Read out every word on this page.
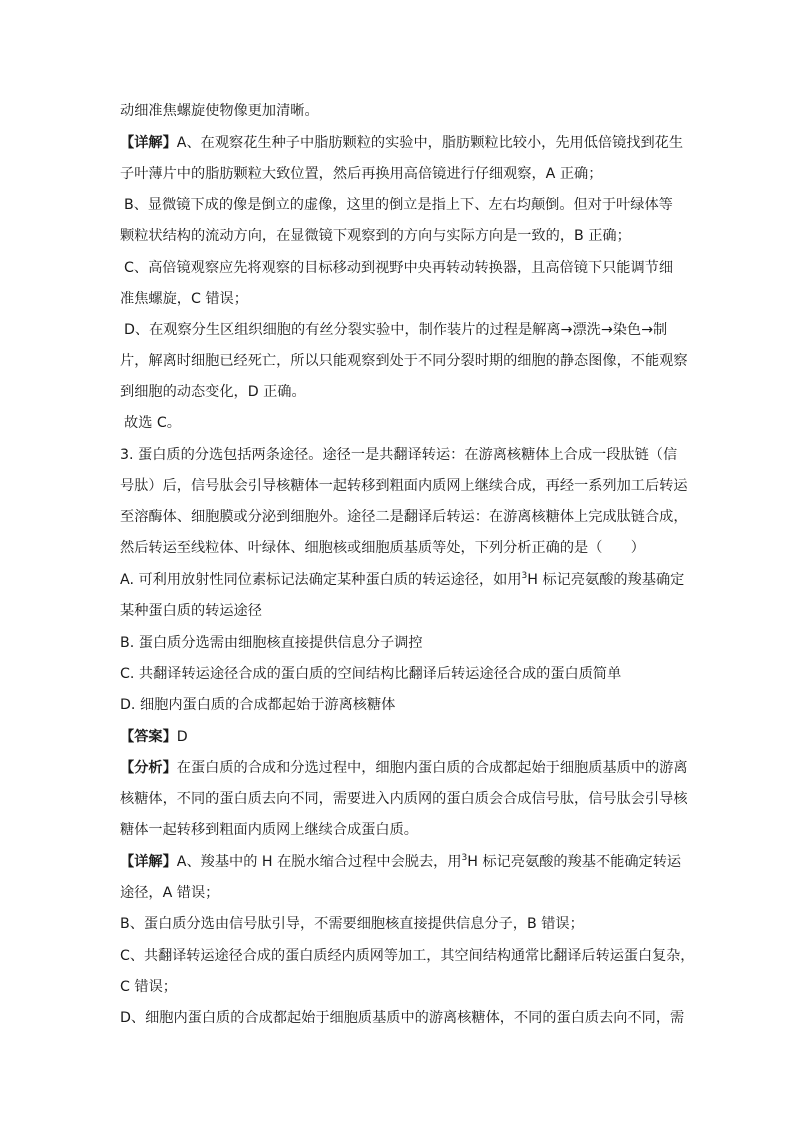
动细准焦螺旋使物像更加清晰。
【详解】A、在观察花生种子中脂肪颗粒的实验中，脂肪颗粒比较小，先用低倍镜找到花生
子叶薄片中的脂肪颗粒大致位置，然后再换用高倍镜进行仔细观察，A 正确；
B、显微镜下成的像是倒立的虚像，这里的倒立是指上下、左右均颠倒。但对于叶绿体等
颗粒状结构的流动方向，在显微镜下观察到的方向与实际方向是一致的，B 正确；
C、高倍镜观察应先将观察的目标移动到视野中央再转动转换器，且高倍镜下只能调节细
准焦螺旋，C 错误；
D、在观察分生区组织细胞的有丝分裂实验中，制作装片的过程是解离→漂洗→染色→制
片，解离时细胞已经死亡，所以只能观察到处于不同分裂时期的细胞的静态图像，不能观察
到细胞的动态变化，D 正确。
故选 C。
3. 蛋白质的分选包括两条途径。途径一是共翻译转运：在游离核糖体上合成一段肽链（信
号肽）后，信号肽会引导核糖体一起转移到粗面内质网上继续合成，再经一系列加工后转运
至溶酶体、细胞膜或分泌到细胞外。途径二是翻译后转运：在游离核糖体上完成肽链合成，
然后转运至线粒体、叶绿体、细胞核或细胞质基质等处，下列分析正确的是（　　）
A. 可利用放射性同位素标记法确定某种蛋白质的转运途径，如用$^3$H 标记亮氨酸的羧基确定
某种蛋白质的转运途径
B. 蛋白质分选需由细胞核直接提供信息分子调控
C. 共翻译转运途径合成的蛋白质的空间结构比翻译后转运途径合成的蛋白质简单
D. 细胞内蛋白质的合成都起始于游离核糖体
【答案】D
【分析】在蛋白质的合成和分选过程中，细胞内蛋白质的合成都起始于细胞质基质中的游离
核糖体，不同的蛋白质去向不同，需要进入内质网的蛋白质会合成信号肽，信号肽会引导核
糖体一起转移到粗面内质网上继续合成蛋白质。
【详解】A、羧基中的 H 在脱水缩合过程中会脱去，用$^3$H 标记亮氨酸的羧基不能确定转运
途径，A 错误；
B、蛋白质分选由信号肽引导，不需要细胞核直接提供信息分子，B 错误；
C、共翻译转运途径合成的蛋白质经内质网等加工，其空间结构通常比翻译后转运蛋白复杂，
C 错误；
D、细胞内蛋白质的合成都起始于细胞质基质中的游离核糖体，不同的蛋白质去向不同，需
